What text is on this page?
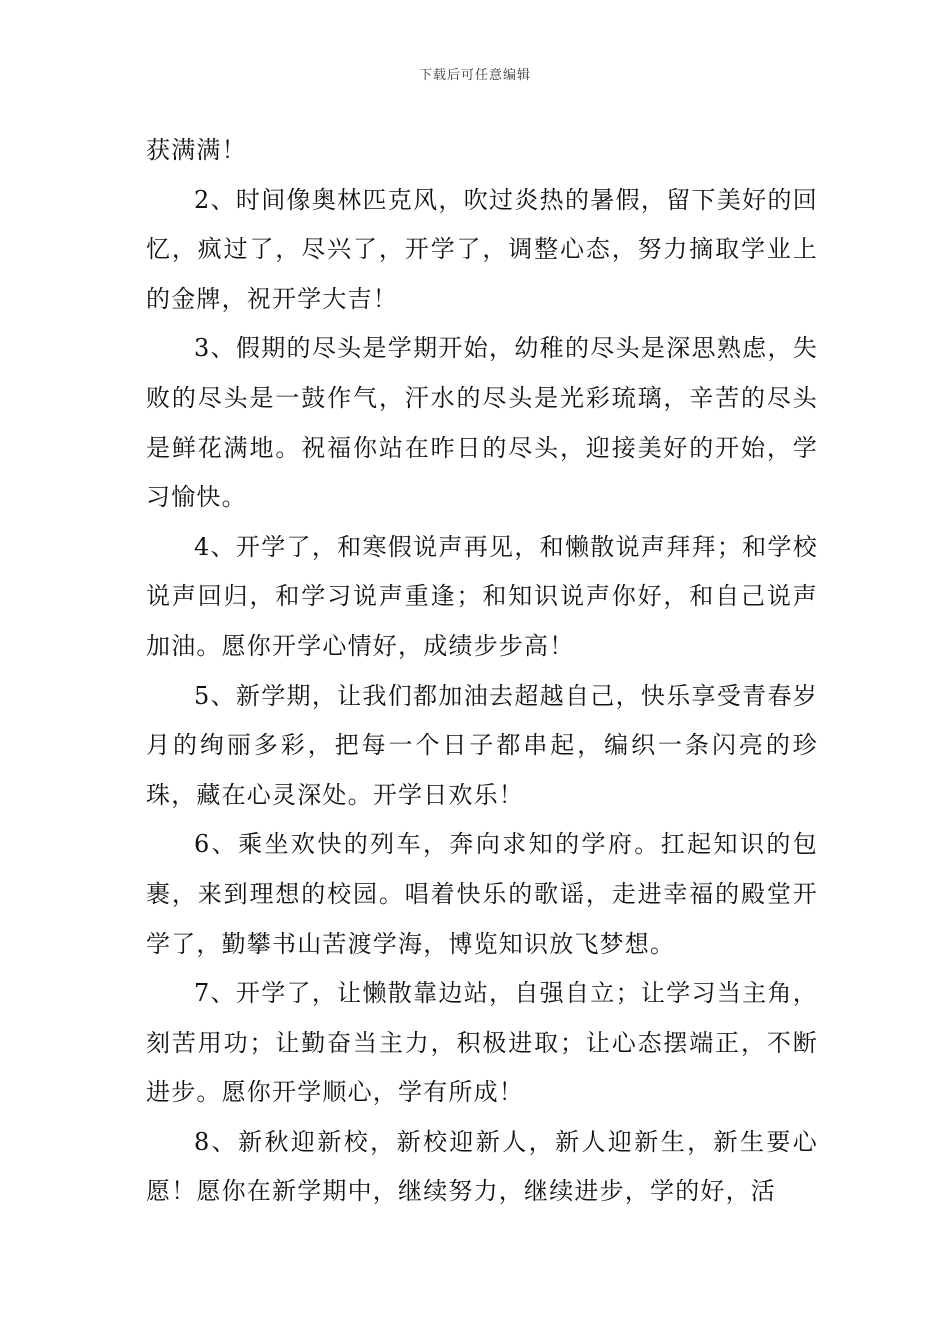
下载后可任意编辑

获满满！

2、时间像奥林匹克风，吹过炎热的暑假，留下美好的回忆，疯过了，尽兴了，开学了，调整心态，努力摘取学业上的金牌，祝开学大吉！

3、假期的尽头是学期开始，幼稚的尽头是深思熟虑，失败的尽头是一鼓作气，汗水的尽头是光彩琉璃，辛苦的尽头是鲜花满地。祝福你站在昨日的尽头，迎接美好的开始，学习愉快。

4、开学了，和寒假说声再见，和懒散说声拜拜；和学校说声回归，和学习说声重逢；和知识说声你好，和自己说声加油。愿你开学心情好，成绩步步高！

5、新学期，让我们都加油去超越自己，快乐享受青春岁月的绚丽多彩，把每一个日子都串起，编织一条闪亮的珍珠，藏在心灵深处。开学日欢乐！

6、乘坐欢快的列车，奔向求知的学府。扛起知识的包裹，来到理想的校园。唱着快乐的歌谣，走进幸福的殿堂开学了，勤攀书山苦渡学海，博览知识放飞梦想。

7、开学了，让懒散靠边站，自强自立；让学习当主角，刻苦用功；让勤奋当主力，积极进取；让心态摆端正，不断进步。愿你开学顺心，学有所成！

8、新秋迎新校，新校迎新人，新人迎新生，新生要心愿！愿你在新学期中，继续努力，继续进步，学的好，活
